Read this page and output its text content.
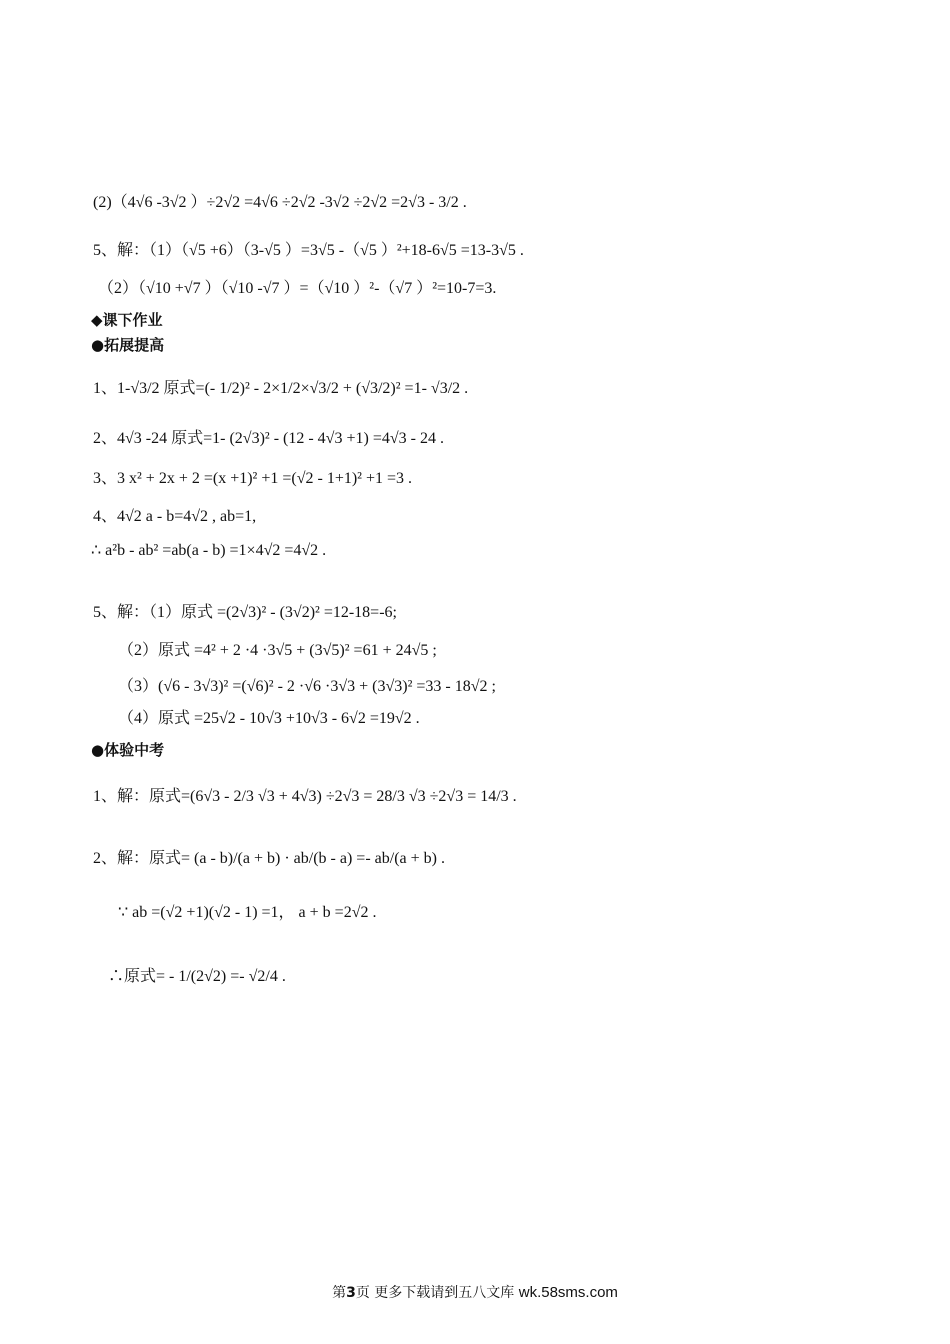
(2)（4√6 -3√2 ）÷2√2 =4√6 ÷2√2 -3√2 ÷2√2 =2√3 - 3/2 .
5、解：（1）（√5 +6）（3-√5 ）=3√5 -（√5 ）²+18-6√5 =13-3√5 .
（2）（√10 +√7 ）（√10 -√7 ）=（√10 ）²-（√7 ）²=10-7=3.
◆课下作业
●拓展提高
1、1-√3/2 原式=(- 1/2)² - 2×1/2×√3/2 + (√3/2)² =1- √3/2 .
2、4√3 -24 原式=1- (2√3)² - (12 - 4√3 +1) =4√3 - 24 .
3、3 x² + 2x + 2 =(x +1)² +1 =(√2 - 1+1)² +1 =3 .
4、4√2 a - b=4√2 , ab=1,
∴ a²b - ab² =ab(a - b) =1×4√2 =4√2 .
5、解：（1）原式 =(2√3)² - (3√2)² =12-18=-6;
（2）原式 =4² + 2 ·4 ·3√5 + (3√5)² =61 + 24√5 ;
（3）(√6 - 3√3)² =(√6)² - 2 ·√6 ·3√3 + (3√3)² =33 - 18√2 ;
（4）原式 =25√2 - 10√3 +10√3 - 6√2 =19√2 .
●体验中考
1、解：原式=(6√3 - 2/3 √3 + 4√3) ÷2√3 = 28/3 √3 ÷2√3 = 14/3 .
2、解：原式= (a - b)/(a + b) · ab/(b - a) =- ab/(a + b) .
∵ ab =(√2 +1)(√2 - 1) =1， a + b =2√2 .
∴原式= - 1/(2√2) =- √2/4 .
第3页 更多下载请到五八文库 wk.58sms.com
